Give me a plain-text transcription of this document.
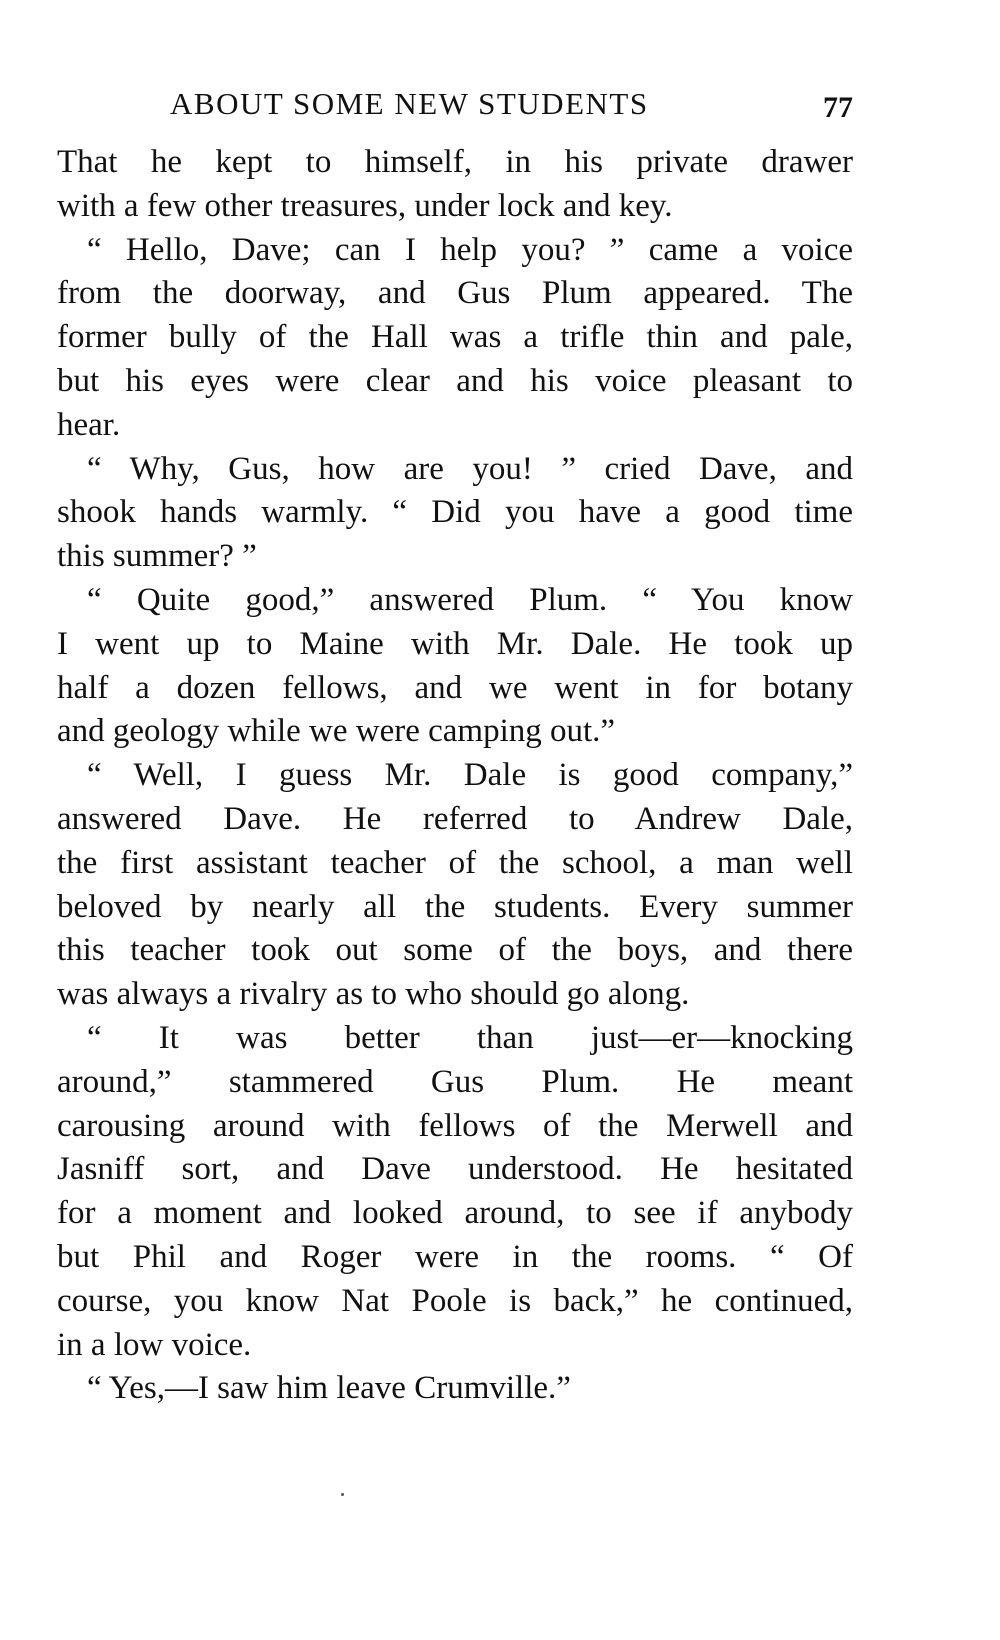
ABOUT SOME NEW STUDENTS	77
That he kept to himself, in his private drawer
with a few other treasures, under lock and key.
“ Hello, Dave; can I help you? ” came a voice
from the doorway, and Gus Plum appeared. The
former bully of the Hall was a trifle thin and pale,
but his eyes were clear and his voice pleasant to
hear.
“ Why, Gus, how are you! ” cried Dave, and
shook hands warmly. “ Did you have a good time
this summer? ”
“ Quite good,” answered Plum. “ You know
I went up to Maine with Mr. Dale. He took up
half a dozen fellows, and we went in for botany
and geology while we were camping out.”
“ Well, I guess Mr. Dale is good company,”
answered Dave. He referred to Andrew Dale,
the first assistant teacher of the school, a man well
beloved by nearly all the students. Every summer
this teacher took out some of the boys, and there
was always a rivalry as to who should go along.
“ It was better than just—er—knocking
around,” stammered Gus Plum. He meant
carousing around with fellows of the Merwell and
Jasniff sort, and Dave understood. He hesitated
for a moment and looked around, to see if anybody
but Phil and Roger were in the rooms. “ Of
course, you know Nat Poole is back,” he continued,
in a low voice.
“ Yes,—I saw him leave Crumville.”
